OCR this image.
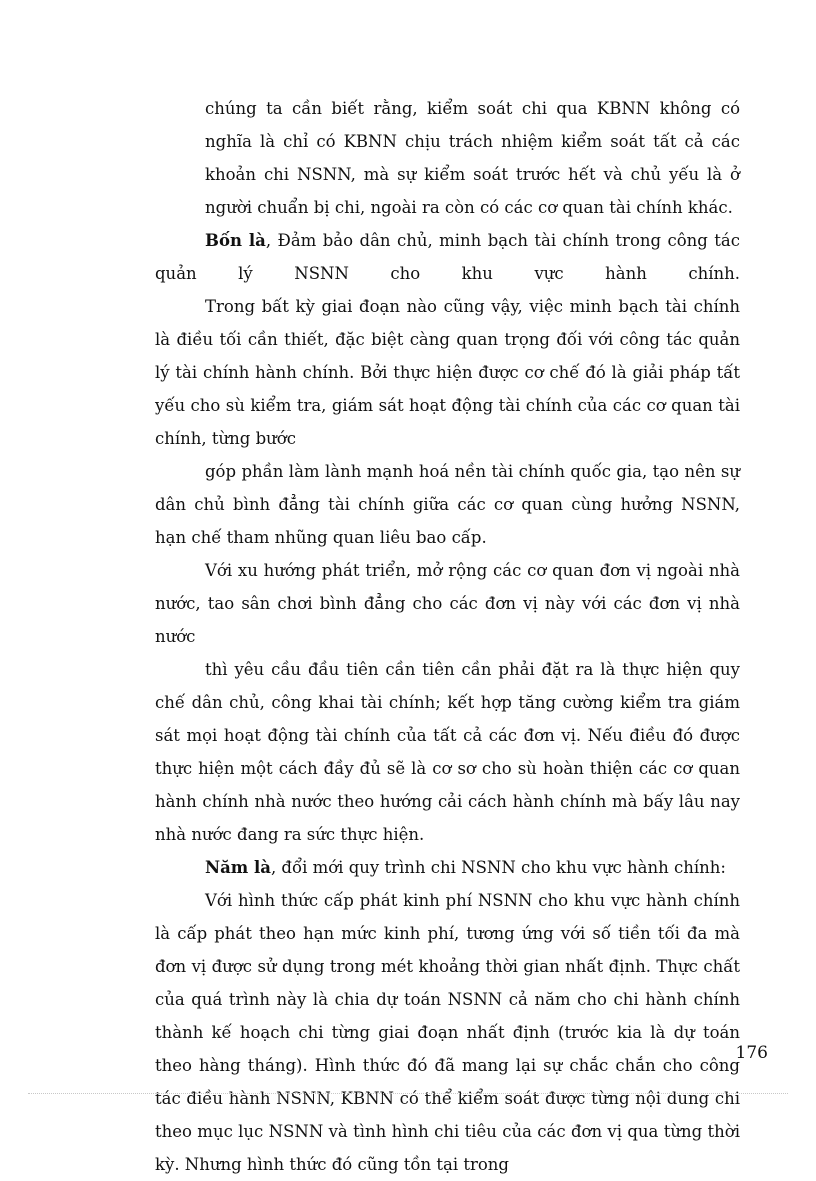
chúng ta cần biết rằng, kiểm soát chi qua KBNN không có nghĩa là chỉ có KBNN chịu trách nhiệm kiểm soát tất cả các khoản chi NSNN, mà sự kiểm soát trước hết và chủ yếu là ở người chuẩn bị chi, ngoài ra còn có các cơ quan tài chính khác.

Bốn là, Đảm bảo dân chủ, minh bạch tài chính trong công tác quản lý NSNN cho khu vực hành chính.

Trong bất kỳ giai đoạn nào cũng vậy, việc minh bạch tài chính là điều tối cần thiết, đặc biệt càng quan trọng đối với công tác quản lý tài chính hành chính. Bởi thực hiện được cơ chế đó là giải pháp tất yếu cho sù kiểm tra, giám sát hoạt động tài chính của các cơ quan tài chính, từng bước

góp phần làm lành mạnh hoá nền tài chính quốc gia, tạo nên sự dân chủ bình đẳng tài chính giữa các cơ quan cùng hưởng NSNN, hạn chế tham nhũng quan liêu bao cấp.

Với xu hướng phát triển, mở rộng các cơ quan đơn vị ngoài nhà nước, tao sân chơi bình đẳng cho các đơn vị này với các đơn vị nhà nước

thì yêu cầu đầu tiên cần tiên cần phải đặt ra là thực hiện quy chế dân chủ, công khai tài chính; kết hợp tăng cường kiểm tra giám sát mọi hoạt động tài chính của tất cả các đơn vị. Nếu điều đó được thực hiện một cách đầy đủ sẽ là cơ sơ cho sù hoàn thiện các cơ quan hành chính nhà nước theo hướng cải cách hành chính mà bấy lâu nay nhà nước đang ra sức thực hiện.

Năm là, đổi mới quy trình chi NSNN cho khu vực hành chính:

Với hình thức cấp phát kinh phí NSNN cho khu vực hành chính là cấp phát theo hạn mức kinh phí, tương ứng với số tiền tối đa mà đơn vị được sử dụng trong mét khoảng thời gian nhất định. Thực chất của quá trình này là chia dự toán NSNN cả năm cho chi hành chính thành kế hoạch chi từng giai đoạn nhất định (trước kia là dự toán theo hàng tháng). Hình thức đó đã mang lại sự chắc chắn cho công tác điều hành NSNN, KBNN có thể kiểm soát được từng nội dung chi theo mục lục NSNN và tình hình chi tiêu của các đơn vị qua từng thời kỳ. Nhưng hình thức đó cũng tồn tại trong

176
